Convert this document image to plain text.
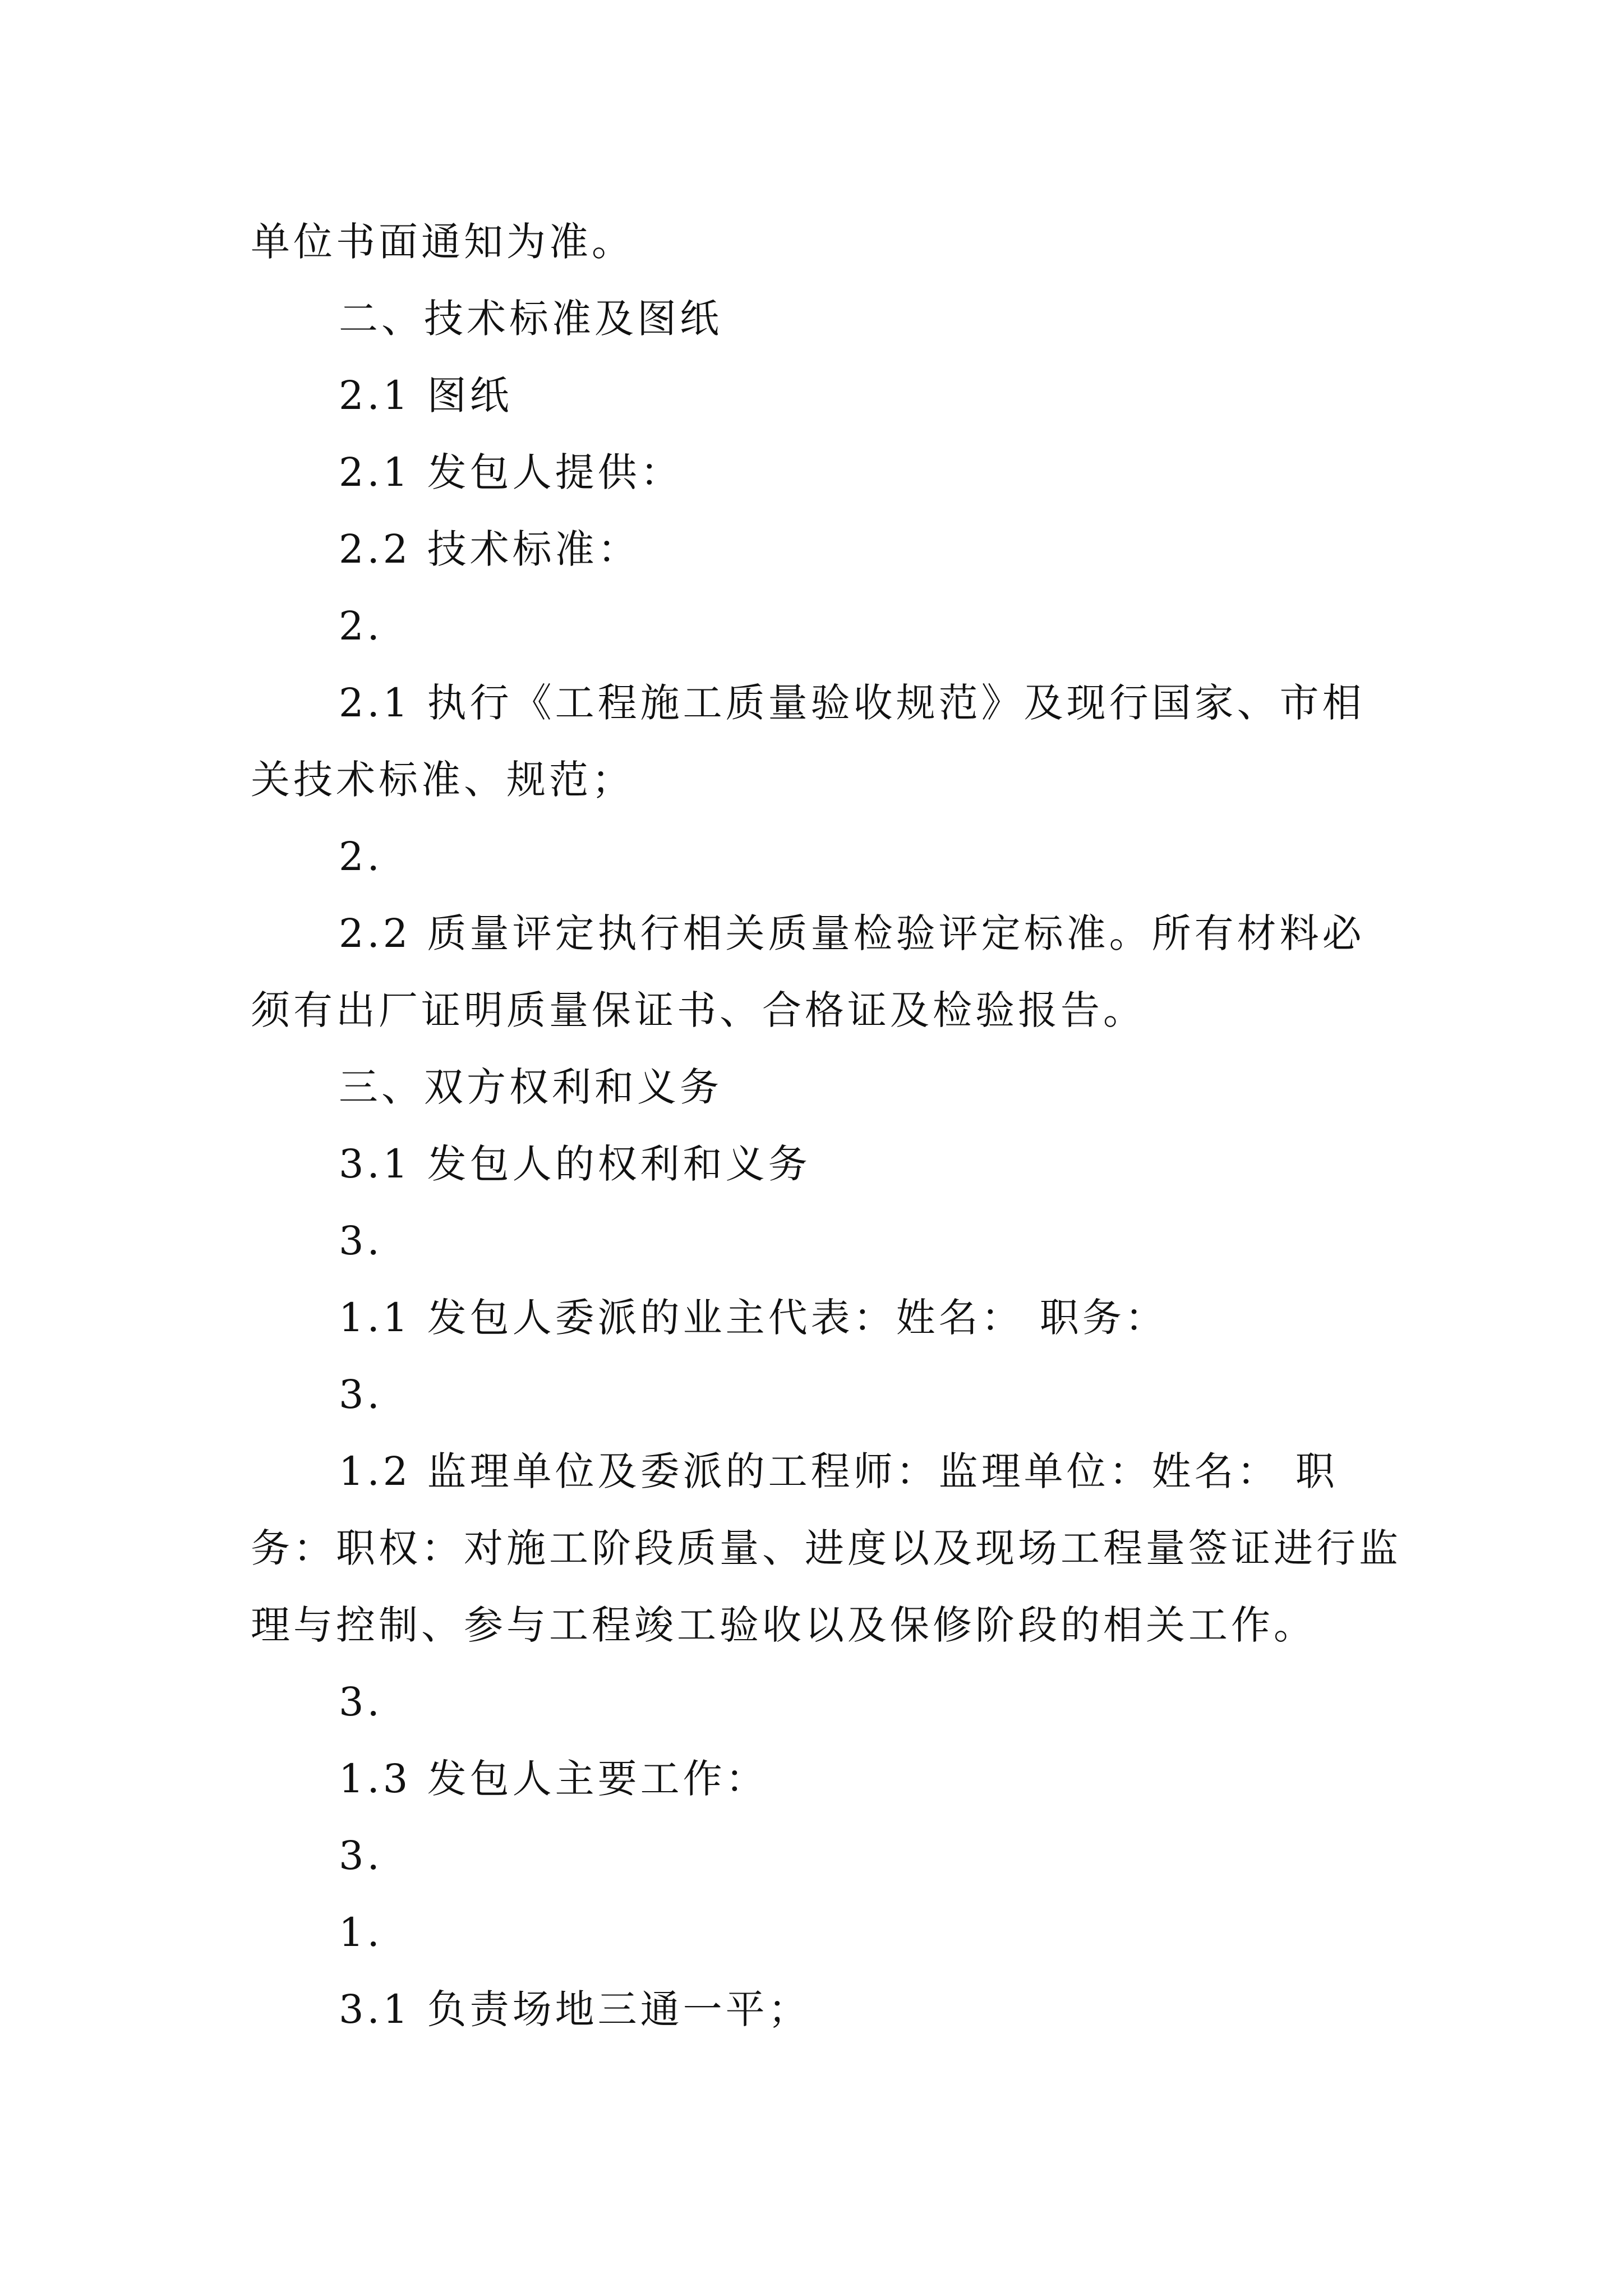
单位书面通知为准。

二、技术标准及图纸

2.1 图纸

2.1 发包人提供：

2.2 技术标准：

2.

2.1 执行《工程施工质量验收规范》及现行国家、市相关技术标准、规范；

2.

2.2 质量评定执行相关质量检验评定标准。所有材料必须有出厂证明质量保证书、合格证及检验报告。

三、双方权利和义务

3.1 发包人的权利和义务

3.

1.1 发包人委派的业主代表：姓名： 职务：

3.

1.2 监理单位及委派的工程师：监理单位：姓名： 职务：职权：对施工阶段质量、进度以及现场工程量签证进行监理与控制、参与工程竣工验收以及保修阶段的相关工作。

3.

1.3 发包人主要工作：

3.

1.

3.1 负责场地三通一平；
